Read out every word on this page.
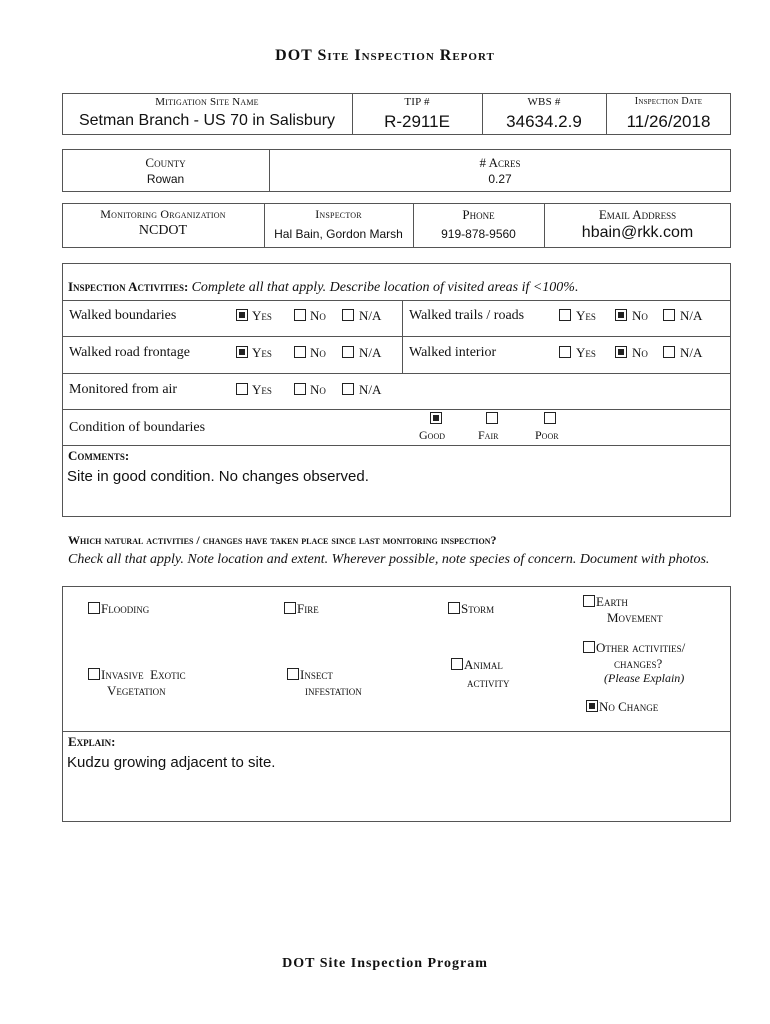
DOT Site Inspection Report
Mitigation Site Name
Setman Branch - US 70 in Salisbury
TIP #
R-2911E
WBS #
34634.2.9
Inspection Date
11/26/2018
County
Rowan
# Acres
0.27
Monitoring Organization
NCDOT
Inspector
Hal Bain, Gordon Marsh
Phone
919-878-9560
Email Address
hbain@rkk.com
Inspection Activities: Complete all that apply. Describe location of visited areas if <100%.
Walked boundaries	Yes	No	N/A Walked trails / roads	Yes	No N/A
Walked road frontage	Yes	No	N/A Walked interior	Yes	No N/A
Monitored from air	Yes	No	N/A
Condition of boundaries	Good	Fair	Poor
Comments:
Site in good condition. No changes observed.
Which natural activities / changes have taken place since last monitoring inspection?
Check all that apply. Note location and extent. Wherever possible, note species of concern. Document with photos.
Flooding	Fire	Storm	Earth
Movement
Other activities/
changes?
(Please Explain)
Invasive  Exotic
Vegetation
Insect
infestation
Animal
activity
No Change
Explain:
Kudzu growing adjacent to site.
DOT Site Inspection Program
